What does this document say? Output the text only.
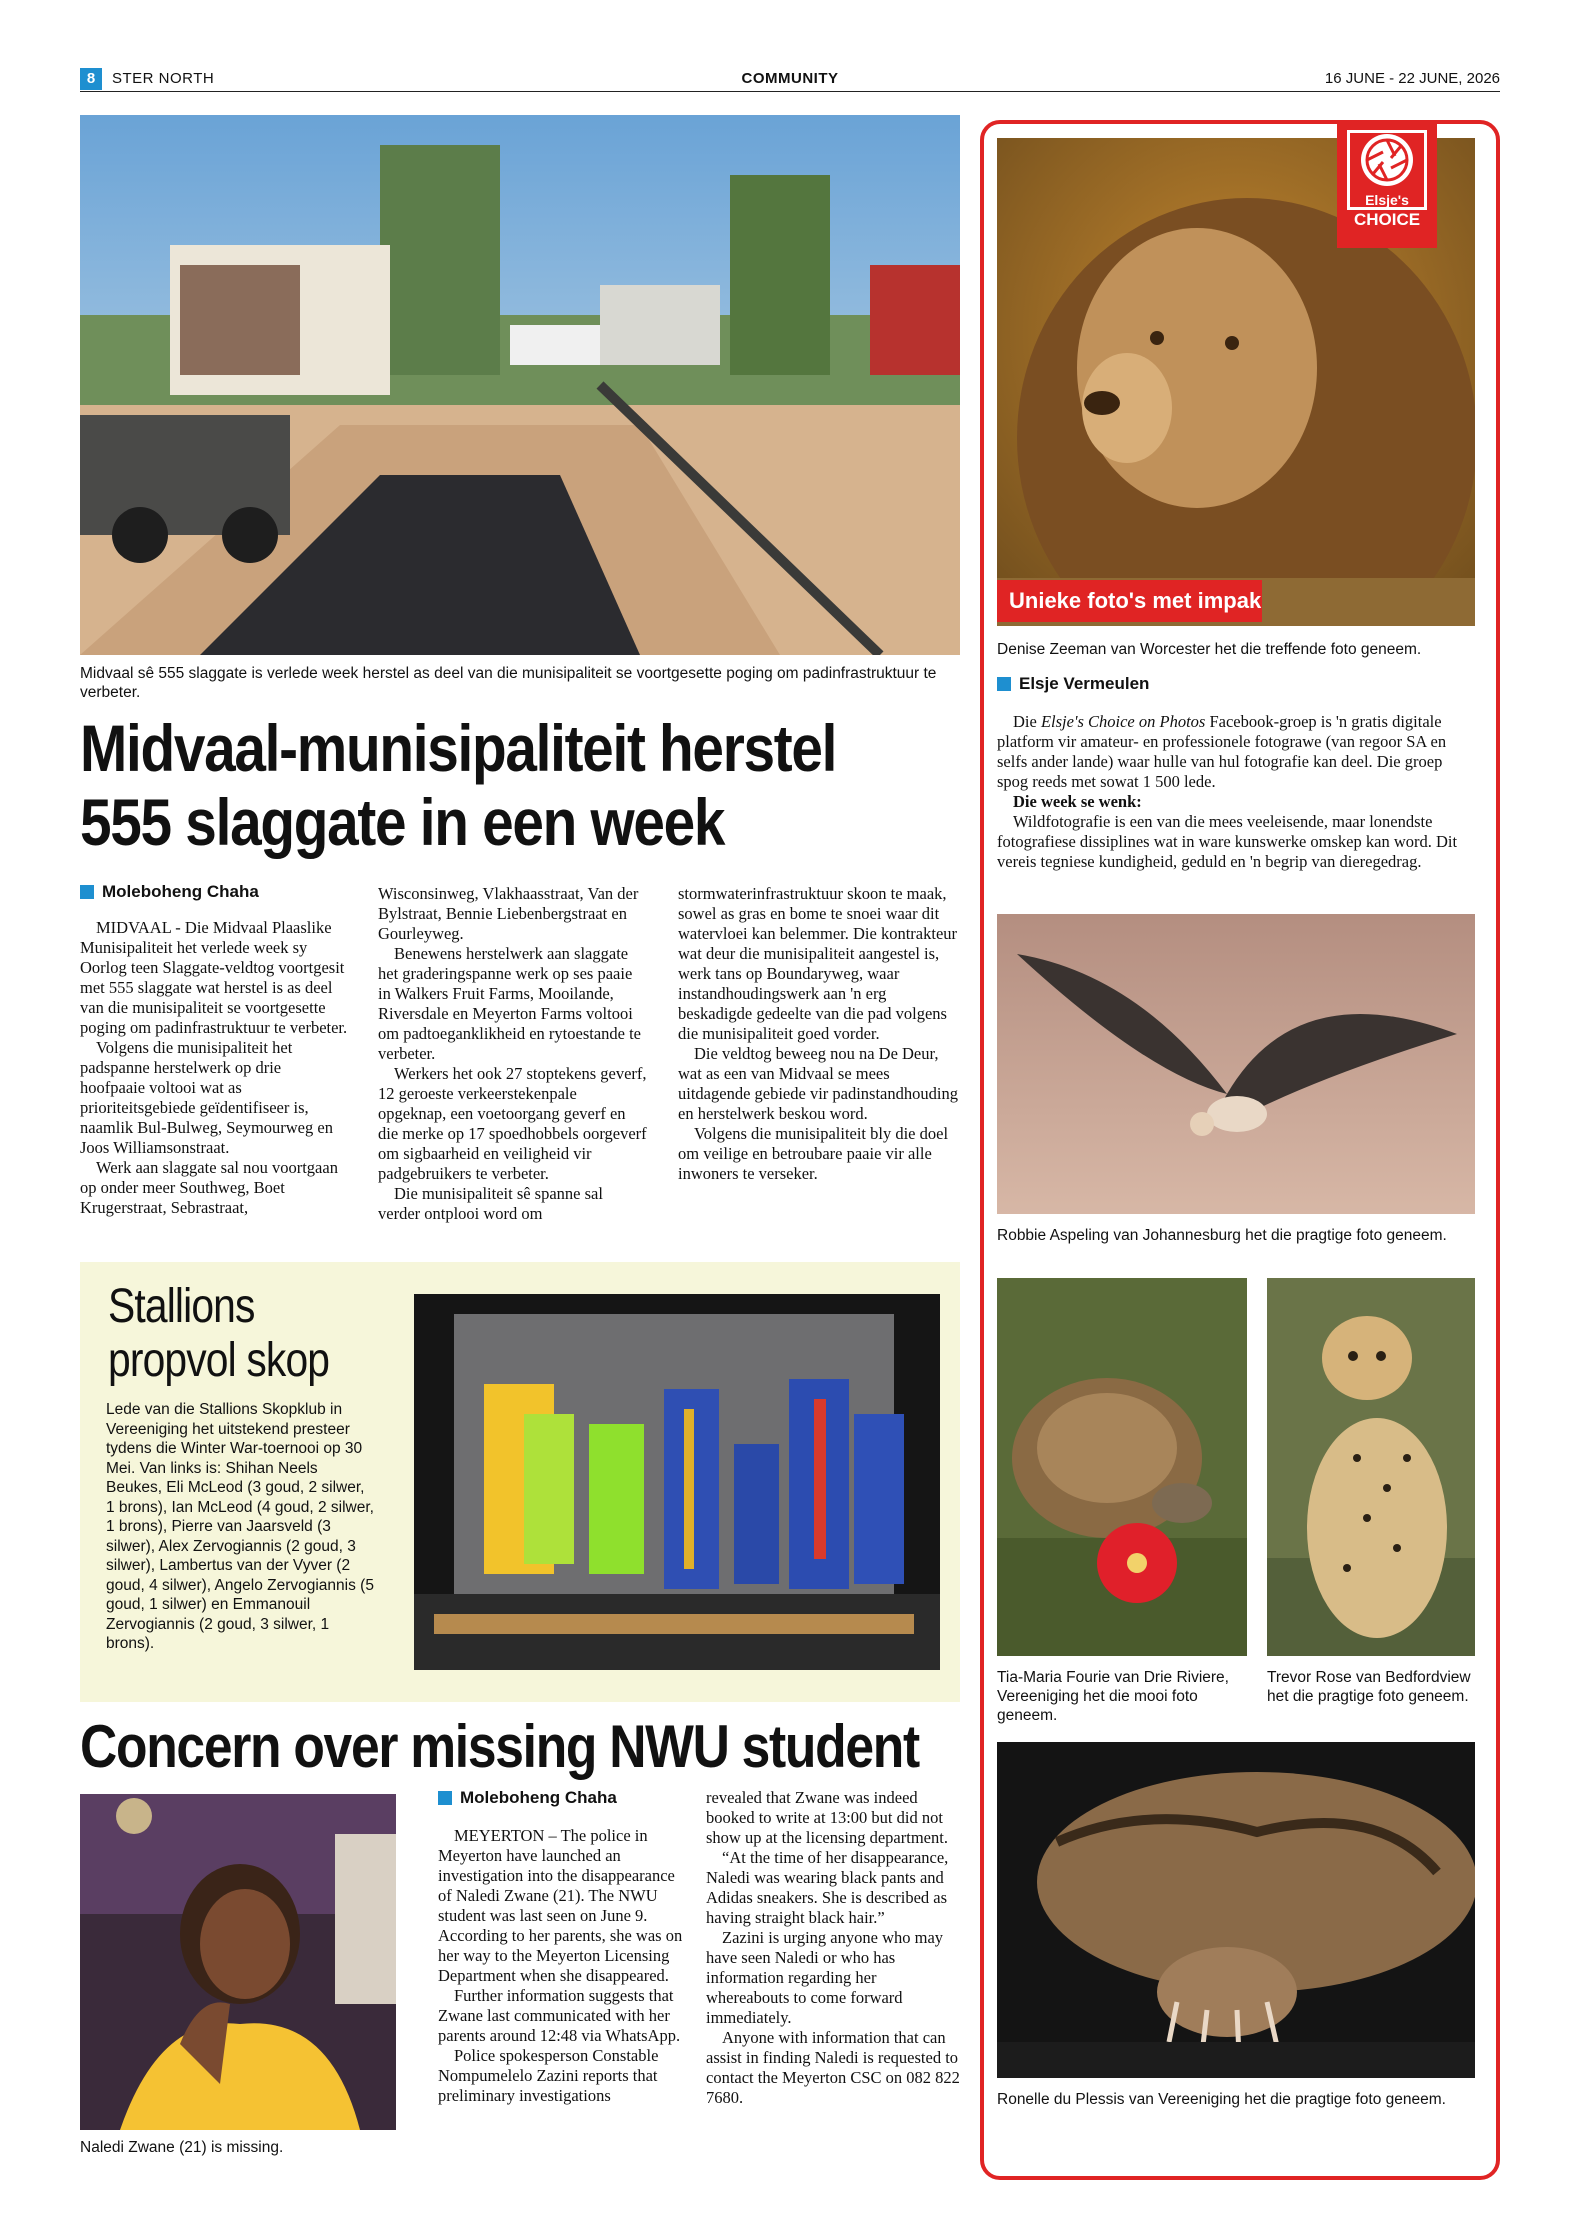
8	STER NORTH	COMMUNITY	16 JUNE - 22 JUNE, 2026
Midvaal sê 555 slaggate is verlede week herstel as deel van die munisipaliteit se voortgesette poging om padinfrastruktuur te verbeter.
Midvaal-munisipaliteit herstel
555 slaggate in een week
Moleboheng Chaha

MIDVAAL - Die Midvaal Plaaslike Munisipaliteit het verlede week sy Oorlog teen Slaggate-veldtog voortgesit met 555 slaggate wat herstel is as deel van die munisipaliteit se voortgesette poging om padinfrastruktuur te verbeter.

Volgens die munisipaliteit het padspanne herstelwerk op drie hoofpaaie voltooi wat as prioriteitsgebiede geïdentifiseer is, naamlik Bul-Bulweg, Seymourweg en Joos Williamsonstraat.

Werk aan slaggate sal nou voortgaan op onder meer Southweg, Boet Krugerstraat, Sebrastraat,

Wisconsinweg, Vlakhaasstraat, Van der Bylstraat, Bennie Liebenbergstraat en Gourleyweg.

Benewens herstelwerk aan slaggate het graderingspanne werk op ses paaie in Walkers Fruit Farms, Mooilande, Riversdale en Meyerton Farms voltooi om padtoeganklikheid en rytoestande te verbeter.

Werkers het ook 27 stoptekens geverf, 12 geroeste verkeerstekenpale opgeknap, een voetoorgang geverf en die merke op 17 spoedhobbels oorgeverf om sigbaarheid en veiligheid vir padgebruikers te verbeter.

Die munisipaliteit sê spanne sal verder ontplooi word om

stormwaterinfrastruktuur skoon te maak, sowel as gras en bome te snoei waar dit watervloei kan belemmer. Die kontrakteur wat deur die munisipaliteit aangestel is, werk tans op Boundaryweg, waar instandhoudingswerk aan 'n erg beskadigde gedeelte van die pad volgens die munisipaliteit goed vorder.

Die veldtog beweeg nou na De Deur, wat as een van Midvaal se mees uitdagende gebiede vir padinstandhouding en herstelwerk beskou word.

Volgens die munisipaliteit bly die doel om veilige en betroubare paaie vir alle inwoners te verseker.

Stallions
propvol skop
Lede van die Stallions Skopklub in Vereeniging het uitstekend presteer tydens die Winter War-toernooi op 30 Mei. Van links is: Shihan Neels Beukes, Eli McLeod (3 goud, 2 silwer, 1 brons), Ian McLeod (4 goud, 2 silwer, 1 brons), Pierre van Jaarsveld (3 silwer), Alex Zervogiannis (2 goud, 3 silwer), Lambertus van der Vyver (2 goud, 4 silwer), Angelo Zervogiannis (5 goud, 1 silwer) en Emmanouil Zervogiannis (2 goud, 3 silwer, 1 brons).
Concern over missing NWU student
Naledi Zwane (21) is missing.
Moleboheng Chaha

MEYERTON – The police in Meyerton have launched an investigation into the disappearance of Naledi Zwane (21). The NWU student was last seen on June 9. According to her parents, she was on her way to the Meyerton Licensing Department when she disappeared.

Further information suggests that Zwane last communicated with her parents around 12:48 via WhatsApp.

Police spokesperson Constable Nompumelelo Zazini reports that preliminary investigations

revealed that Zwane was indeed booked to write at 13:00 but did not show up at the licensing department.

“At the time of her disappearance, Naledi was wearing black pants and Adidas sneakers. She is described as having straight black hair.”

Zazini is urging anyone who may have seen Naledi or who has information regarding her whereabouts to come forward immediately.

Anyone with information that can assist in finding Naledi is requested to contact the Meyerton CSC on 082 822 7680.

Elsje's
CHOICE
Unieke foto's met impak
Denise Zeeman van Worcester het die treffende foto geneem.
Elsje Vermeulen

Die Elsje's Choice on Photos Facebook-groep is 'n gratis digitale platform vir amateur- en professionele fotograwe (van regoor SA en selfs ander lande) waar hulle van hul fotografie kan deel. Die groep spog reeds met sowat 1 500 lede.

Die week se wenk:

Wildfotografie is een van die mees veeleisende, maar lonendste fotografiese dissiplines wat in ware kunswerke omskep kan word. Dit vereis tegniese kundigheid, geduld en 'n begrip van dieregedrag.

Robbie Aspeling van Johannesburg het die pragtige foto geneem.
Tia-Maria Fourie van Drie Riviere, Vereeniging het die mooi foto geneem.
Trevor Rose van Bedfordview het die pragtige foto geneem.
Ronelle du Plessis van Vereeniging het die pragtige foto geneem.
